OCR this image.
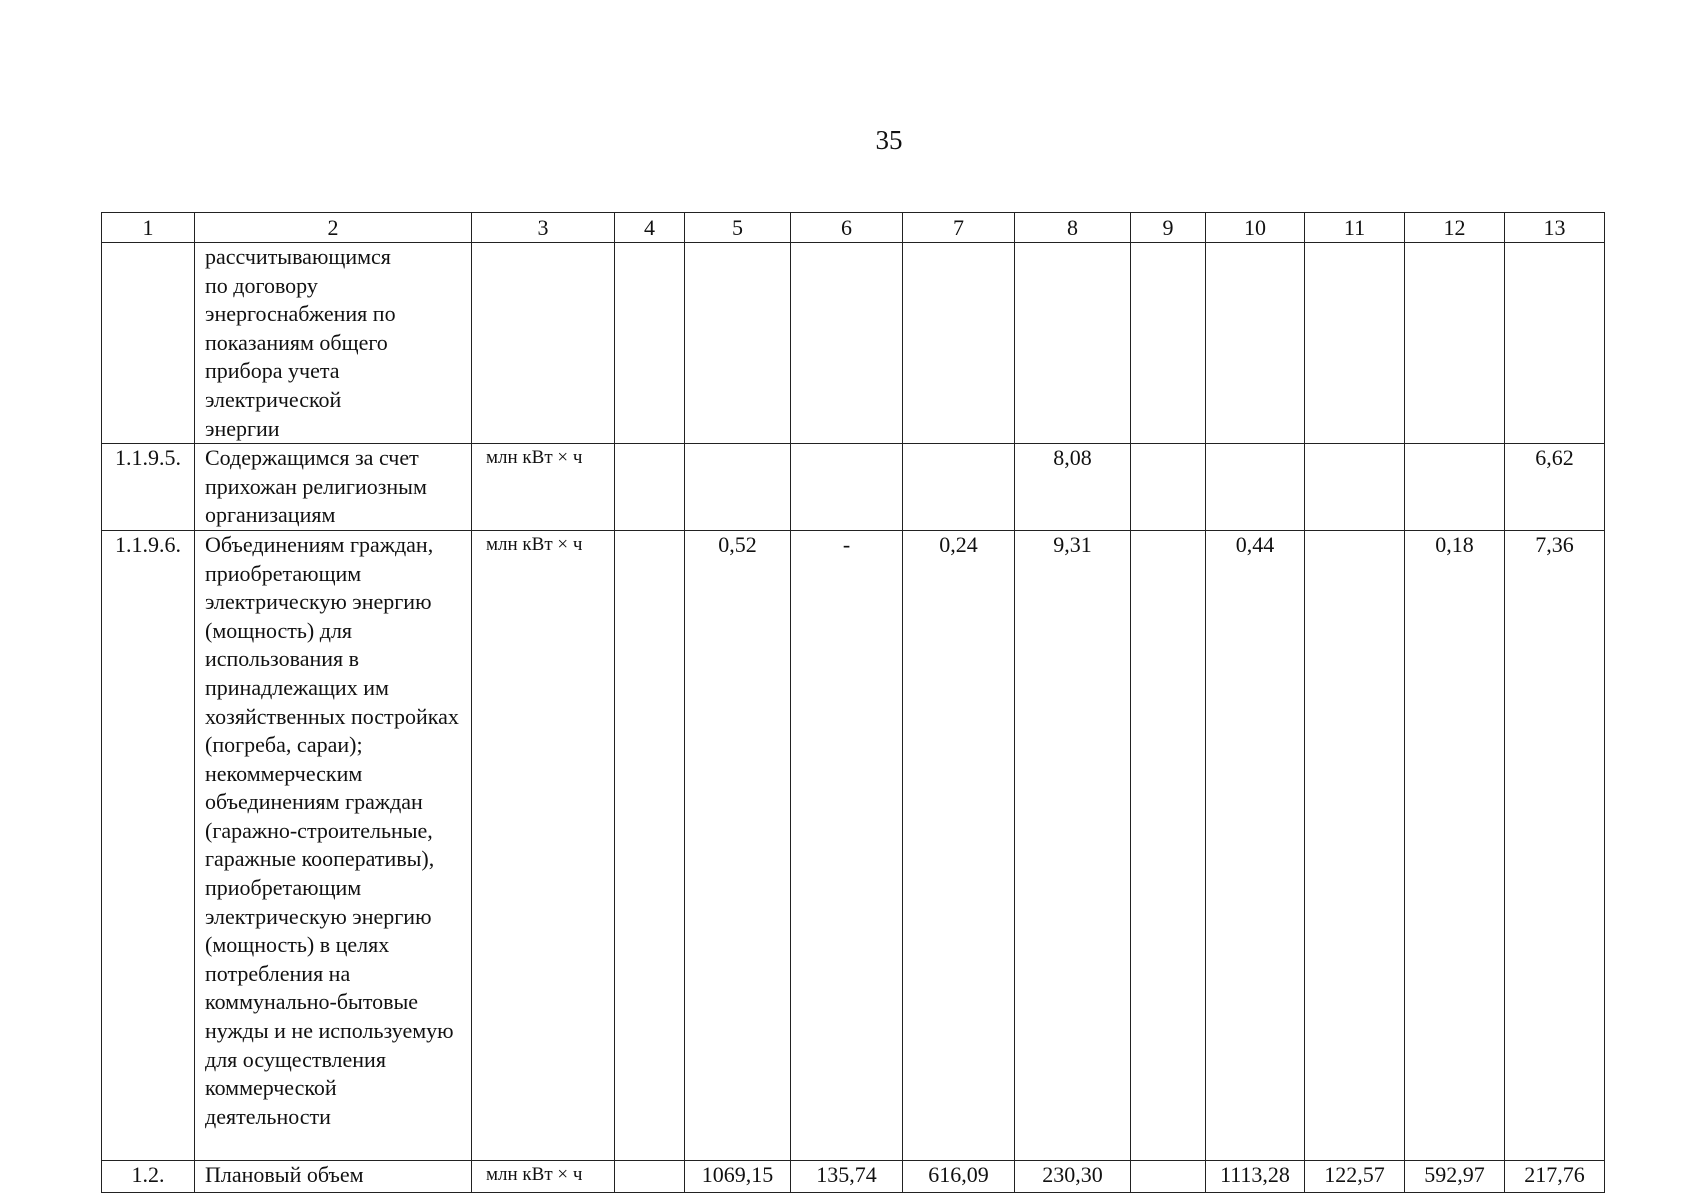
35
1	2	3	4	5	6	7	8	9	10	11	12	13
	рассчитывающимся по договору энергоснабжения по показаниям общего прибора учета электрической энергии											
1.1.9.5.	Содержащимся за счет прихожан религиозным организациям	млн кВт × ч					8,08					6,62
1.1.9.6.	Объединениям граждан, приобретающим электрическую энергию (мощность) для использования в принадлежащих им хозяйственных постройках (погреба, сараи); некоммерческим объединениям граждан (гаражно-строительные, гаражные кооперативы), приобретающим электрическую энергию (мощность) в целях потребления на коммунально-бытовые нужды и не используемую для осуществления коммерческой деятельности	млн кВт × ч		0,52	-	0,24	9,31		0,44		0,18	7,36
1.2.	Плановый объем	млн кВт × ч		1069,15	135,74	616,09	230,30		1113,28	122,57	592,97	217,76
